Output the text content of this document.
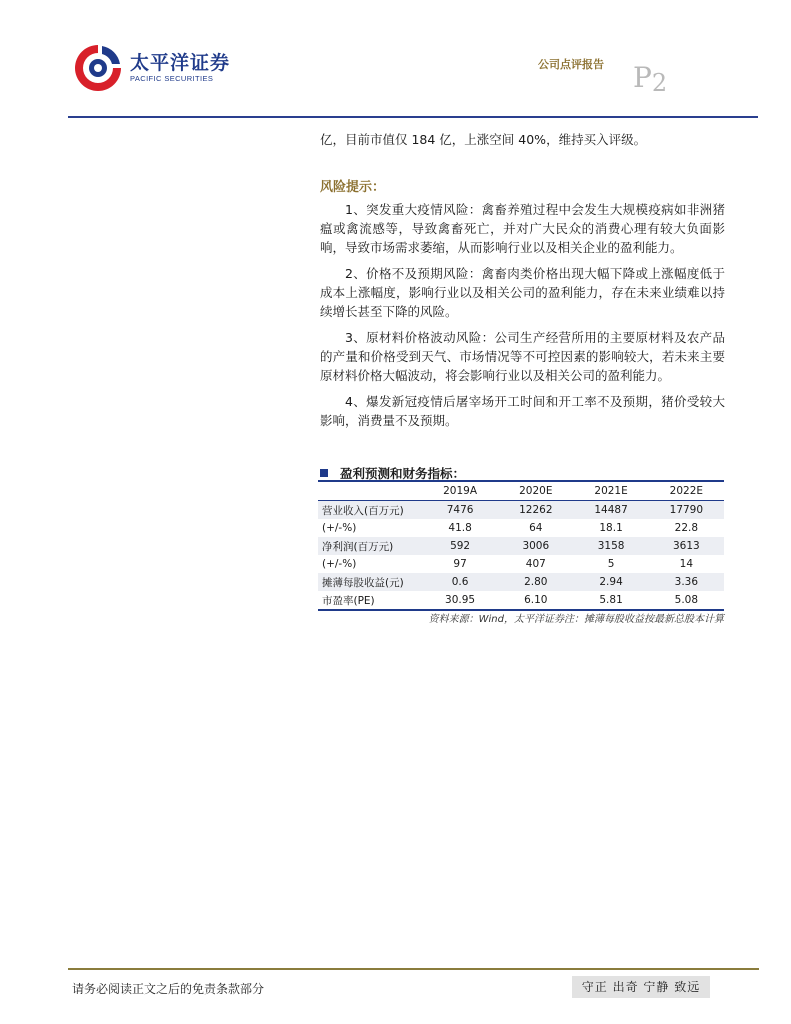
太平洋证券
PACIFIC SECURITIES
公司点评报告 $P_2$
亿，目前市值仅 184 亿，上涨空间 40%，维持买入评级。
风险提示：

1、突发重大疫情风险：禽畜养殖过程中会发生大规模疫病如非洲猪瘟或禽流感等，导致禽畜死亡，并对广大民众的消费心理有较大负面影响，导致市场需求萎缩，从而影响行业以及相关企业的盈利能力。

2、价格不及预期风险：禽畜肉类价格出现大幅下降或上涨幅度低于成本上涨幅度，影响行业以及相关公司的盈利能力，存在未来业绩难以持续增长甚至下降的风险。

3、原材料价格波动风险：公司生产经营所用的主要原材料及农产品的产量和价格受到天气、市场情况等不可控因素的影响较大，若未来主要原材料价格大幅波动，将会影响行业以及相关公司的盈利能力。

4、爆发新冠疫情后屠宰场开工时间和开工率不及预期，猪价受较大影响，消费量不及预期。

盈利预测和财务指标：
	2019A	2020E	2021E	2022E
营业收入(百万元)	7476	12262	14487	17790
(+/-%)	41.8	64	18.1	22.8
净利润(百万元)	592	3006	3158	3613
(+/-%)	97	407	5	14
摊薄每股收益(元)	0.6	2.80	2.94	3.36
市盈率(PE)	30.95	6.10	5.81	5.08
资料来源：Wind，太平洋证券注：摊薄每股收益按最新总股本计算
请务必阅读正文之后的免责条款部分	守正 出奇 宁静 致远
